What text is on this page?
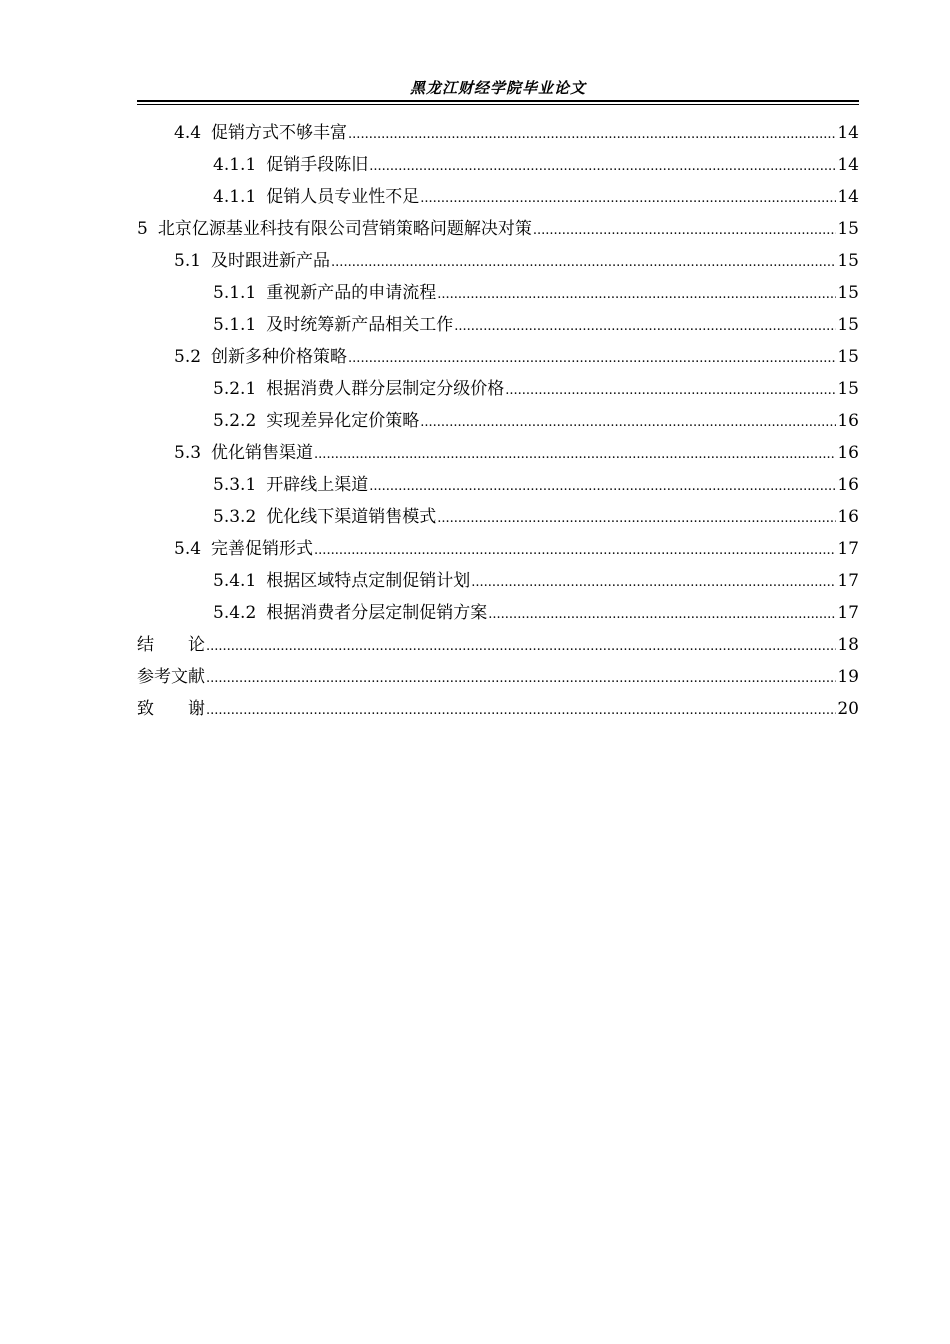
黑龙江财经学院毕业论文
4.4 促销方式不够丰富 .....	14
4.1.1 促销手段陈旧 .....	14
4.1.1 促销人员专业性不足 .....	14
5 北京亿源基业科技有限公司营销策略问题解决对策 .....	15
5.1 及时跟进新产品 .....	15
5.1.1 重视新产品的申请流程 .....	15
5.1.1 及时统筹新产品相关工作 .....	15
5.2 创新多种价格策略 .....	15
5.2.1 根据消费人群分层制定分级价格 .....	15
5.2.2 实现差异化定价策略 .....	16
5.3 优化销售渠道 .....	16
5.3.1 开辟线上渠道 .....	16
5.3.2 优化线下渠道销售模式 .....	16
5.4 完善促销形式 .....	17
5.4.1 根据区域特点定制促销计划 .....	17
5.4.2 根据消费者分层定制促销方案 .....	17
结　　论 .....	18
参考文献 .....	19
致　　谢 .....	20
